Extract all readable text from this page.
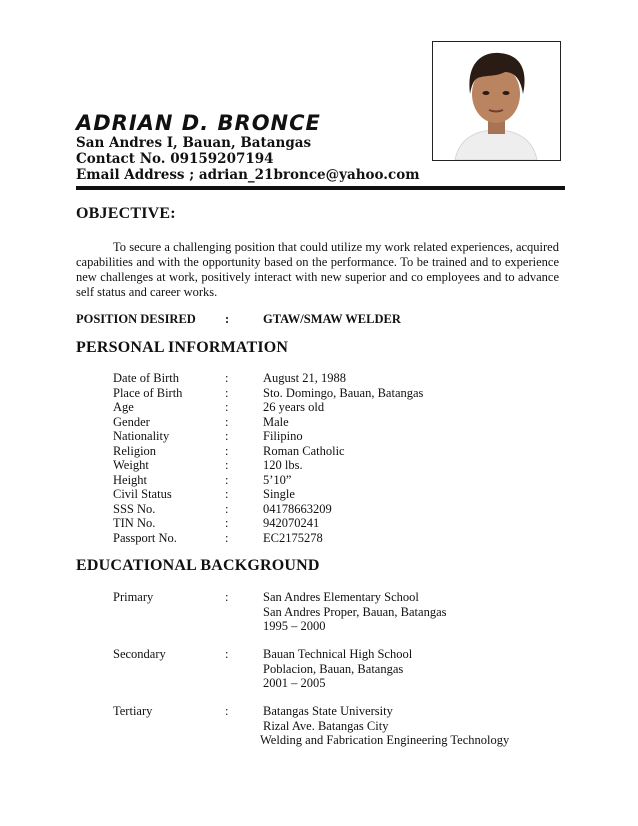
ADRIAN D. BRONCE
San Andres I, Bauan, Batangas
Contact No. 09159207194
Email Address ; adrian_21bronce@yahoo.com
OBJECTIVE:
To secure a challenging position that could utilize my work related experiences, acquired capabilities and with the opportunity based on the performance. To be trained and to experience new challenges at work, positively interact with new superior and co employees and to advance self status and career works.
POSITION DESIRED :	GTAW/SMAW WELDER
PERSONAL INFORMATION
Date of Birth	:	August 21, 1988
Place of Birth	:	Sto. Domingo, Bauan, Batangas
Age	:	26 years old
Gender	:	Male
Nationality	:	Filipino
Religion	:	Roman Catholic
Weight	:	120 lbs.
Height	:	5’10”
Civil Status	:	Single
SSS No.	:	04178663209
TIN No.	:	942070241
Passport No.	:	EC2175278
EDUCATIONAL BACKGROUND
Primary	:	San Andres Elementary School
San Andres Proper, Bauan, Batangas
1995 – 2000
Secondary	:	Bauan Technical High School
Poblacion, Bauan, Batangas
2001 – 2005
Tertiary	:	Batangas State University
Rizal Ave. Batangas City
Welding and Fabrication Engineering Technology
